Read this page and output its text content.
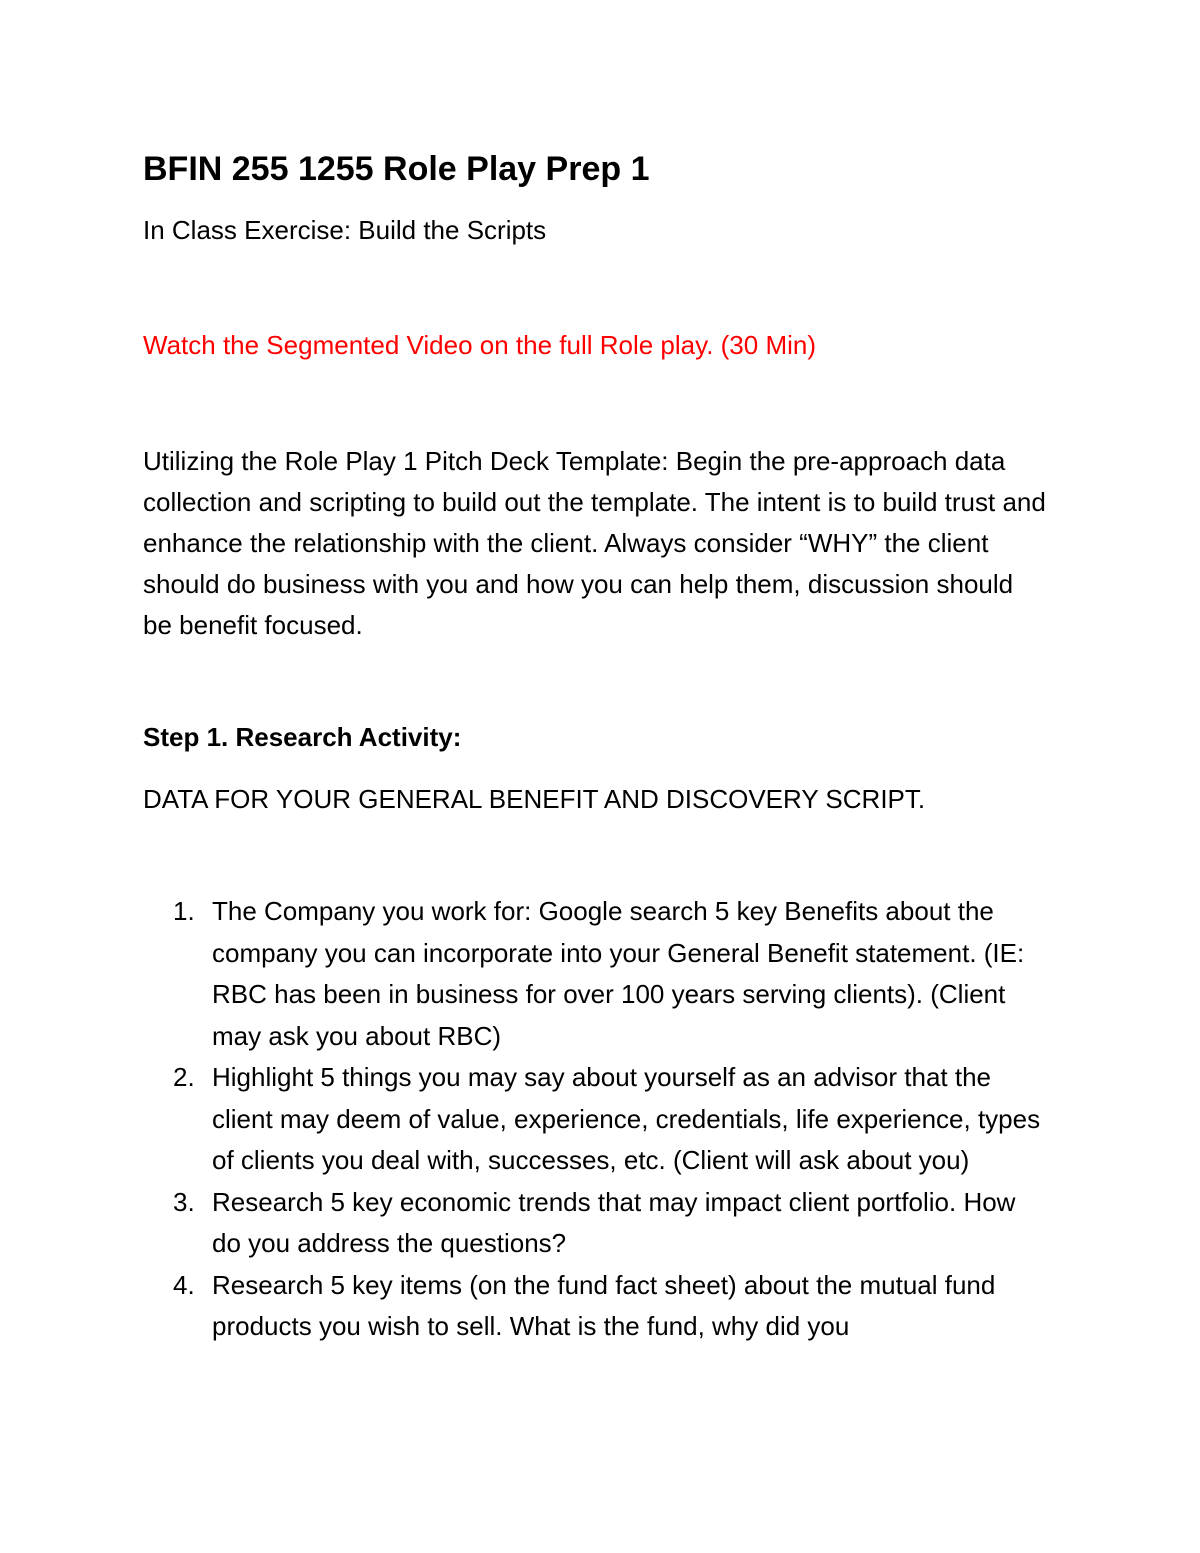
BFIN 255 1255 Role Play Prep 1
In Class Exercise: Build the Scripts
Watch the Segmented Video on the full Role play. (30 Min)

Utilizing the Role Play 1 Pitch Deck Template: Begin the pre-approach data collection and scripting to build out the template. The intent is to build trust and enhance the relationship with the client. Always consider “WHY” the client should do business with you and how you can help them, discussion should be benefit focused.

Step 1. Research Activity:
DATA FOR YOUR GENERAL BENEFIT AND DISCOVERY SCRIPT.
1. The Company you work for: Google search 5 key Benefits about the company you can incorporate into your General Benefit statement. (IE: RBC has been in business for over 100 years serving clients). (Client may ask you about RBC)
2. Highlight 5 things you may say about yourself as an advisor that the client may deem of value, experience, credentials, life experience, types of clients you deal with, successes, etc. (Client will ask about you)
3. Research 5 key economic trends that may impact client portfolio. How do you address the questions?
4. Research 5 key items (on the fund fact sheet) about the mutual fund products you wish to sell. What is the fund, why did you
